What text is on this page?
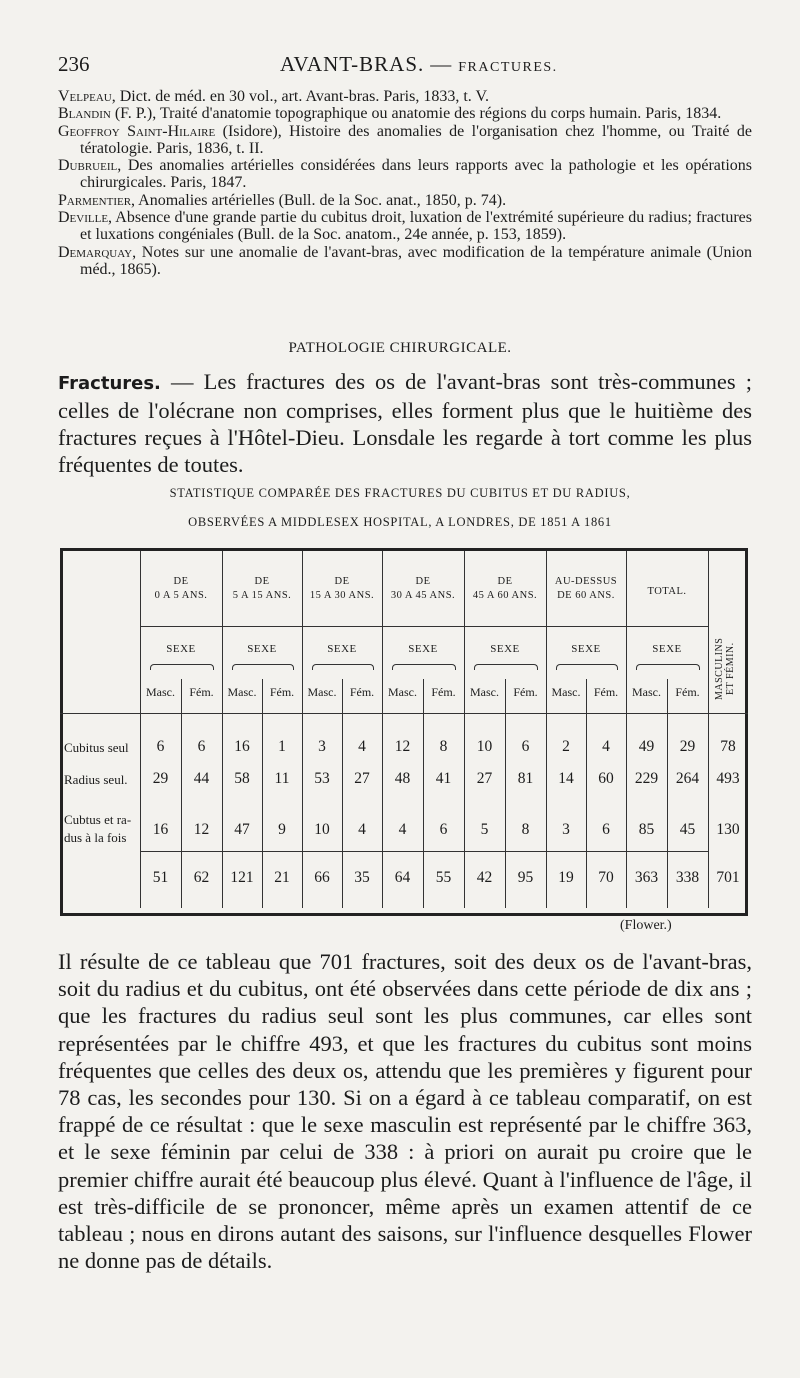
236	AVANT-BRAS. — FRACTURES.
Velpeau, Dict. de méd. en 30 vol., art. Avant-bras. Paris, 1833, t. V.
Blandin (F. P.), Traité d'anatomie topographique ou anatomie des régions du corps humain. Paris, 1834.
Geoffroy Saint-Hilaire (Isidore), Histoire des anomalies de l'organisation chez l'homme, ou Traité de tératologie. Paris, 1836, t. II.
Dubrueil, Des anomalies artérielles considérées dans leurs rapports avec la pathologie et les opérations chirurgicales. Paris, 1847.
Parmentier, Anomalies artérielles (Bull. de la Soc. anat., 1850, p. 74).
Deville, Absence d'une grande partie du cubitus droit, luxation de l'extrémité supérieure du radius; fractures et luxations congéniales (Bull. de la Soc. anatom., 24e année, p. 153, 1859).
Demarquay, Notes sur une anomalie de l'avant-bras, avec modification de la température animale (Union méd., 1865).
PATHOLOGIE CHIRURGICALE.
Fractures. — Les fractures des os de l'avant-bras sont très-communes ; celles de l'olécrane non comprises, elles forment plus que le huitième des fractures reçues à l'Hôtel-Dieu. Lonsdale les regarde à tort comme les plus fréquentes de toutes.
STATISTIQUE COMPARÉE DES FRACTURES DU CUBITUS ET DU RADIUS,
OBSERVÉES A MIDDLESEX HOSPITAL, A LONDRES, DE 1851 A 1861
DE
0 A 5 ANS.
SEXE
Masc.	Fém.
DE
5 A 15 ANS.
SEXE
Masc.	Fém.
DE
15 A 30 ANS.
SEXE
Masc.	Fém.
DE
30 A 45 ANS.
SEXE
Masc.	Fém.
DE
45 A 60 ANS.
SEXE
Masc.	Fém.
AU-DESSUS
DE 60 ANS.
SEXE
Masc.	Fém.
TOTAL.
SEXE
Masc.	Fém.	MASCULINS ET FÉMIN.
Cubitus seul	6	6	16	1	3	4	12	8	10	6	2	4	49	29	78
Radius seul.	29	44	58	11	53	27	48	41	27	81	14	60	229	264	493
Cubtus et ra-
dus à la fois	16	12	47	9	10	4	4	6	5	8	3	6	85	45	130
51	62	121	21	66	35	64	55	42	95	19	70	363	338	701
(Flower.)
Il résulte de ce tableau que 701 fractures, soit des deux os de l'avant-bras, soit du radius et du cubitus, ont été observées dans cette période de dix ans ; que les fractures du radius seul sont les plus communes, car elles sont représentées par le chiffre 493, et que les fractures du cubitus sont moins fréquentes que celles des deux os, attendu que les premières y figurent pour 78 cas, les secondes pour 130. Si on a égard à ce tableau comparatif, on est frappé de ce résultat : que le sexe masculin est représenté par le chiffre 363, et le sexe féminin par celui de 338 : à priori on aurait pu croire que le premier chiffre aurait été beaucoup plus élevé. Quant à l'influence de l'âge, il est très-difficile de se prononcer, même après un examen attentif de ce tableau ; nous en dirons autant des saisons, sur l'influence desquelles Flower ne donne pas de détails.
